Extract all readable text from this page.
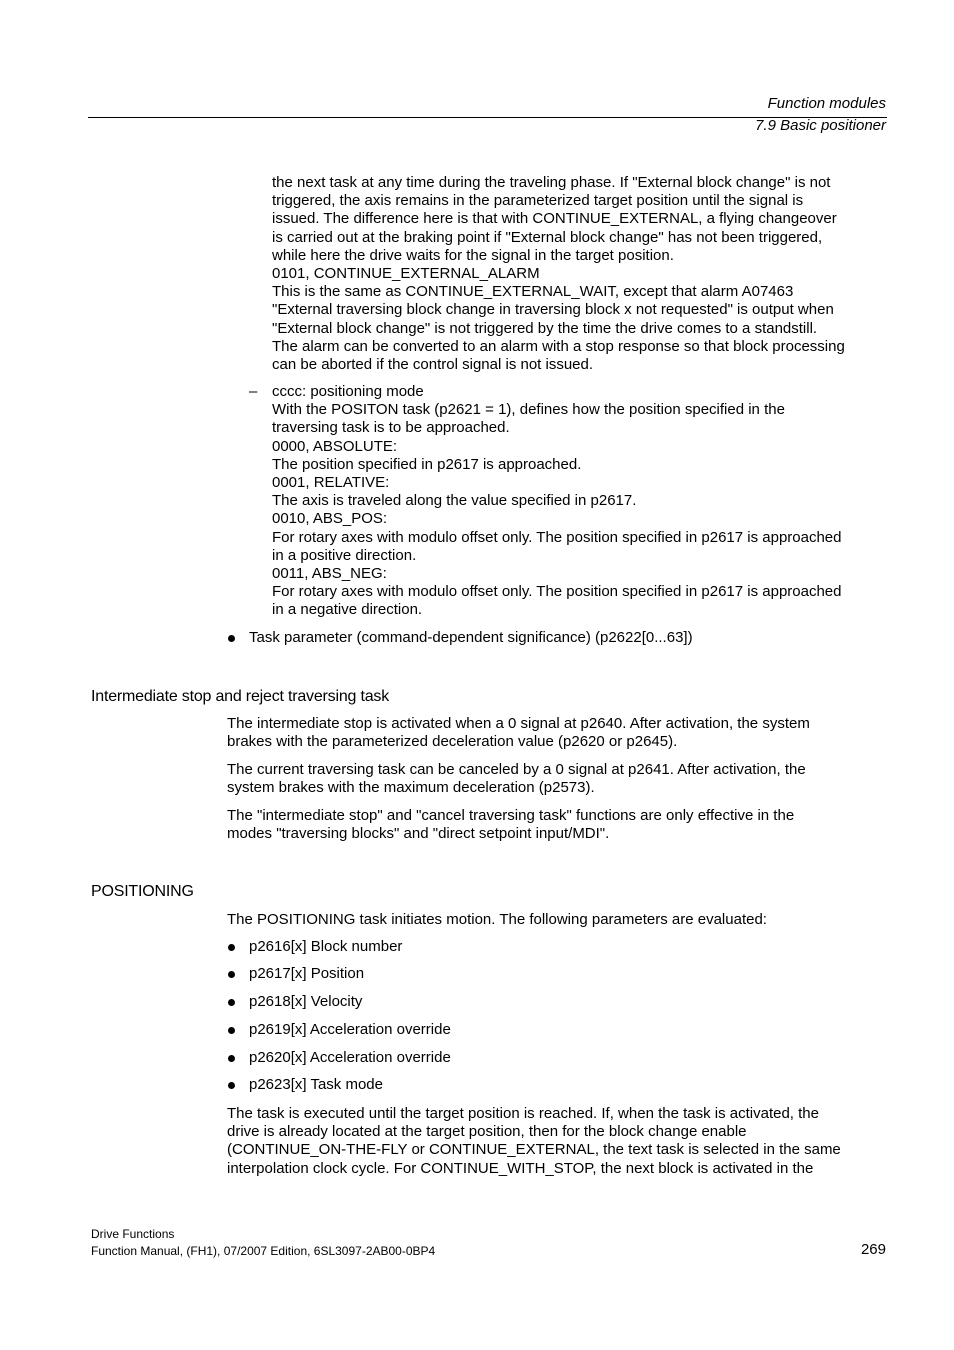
Function modules
7.9 Basic positioner
the next task at any time during the traveling phase. If "External block change" is not
triggered, the axis remains in the parameterized target position until the signal is
issued. The difference here is that with CONTINUE_EXTERNAL, a flying changeover
is carried out at the braking point if "External block change" has not been triggered,
while here the drive waits for the signal in the target position.
0101, CONTINUE_EXTERNAL_ALARM
This is the same as CONTINUE_EXTERNAL_WAIT, except that alarm A07463
"External traversing block change in traversing block x not requested" is output when
"External block change" is not triggered by the time the drive comes to a standstill.
The alarm can be converted to an alarm with a stop response so that block processing
can be aborted if the control signal is not issued.
– cccc: positioning mode
With the POSITON task (p2621 = 1), defines how the position specified in the
traversing task is to be approached.
0000, ABSOLUTE:
The position specified in p2617 is approached.
0001, RELATIVE:
The axis is traveled along the value specified in p2617.
0010, ABS_POS:
For rotary axes with modulo offset only. The position specified in p2617 is approached
in a positive direction.
0011, ABS_NEG:
For rotary axes with modulo offset only. The position specified in p2617 is approached
in a negative direction.
Task parameter (command-dependent significance) (p2622[0...63])
Intermediate stop and reject traversing task
The intermediate stop is activated when a 0 signal at p2640. After activation, the system
brakes with the parameterized deceleration value (p2620 or p2645).
The current traversing task can be canceled by a 0 signal at p2641. After activation, the
system brakes with the maximum deceleration (p2573).
The "intermediate stop" and "cancel traversing task" functions are only effective in the
modes "traversing blocks" and "direct setpoint input/MDI".
POSITIONING
The POSITIONING task initiates motion. The following parameters are evaluated:
p2616[x] Block number
p2617[x] Position
p2618[x] Velocity
p2619[x] Acceleration override
p2620[x] Acceleration override
p2623[x] Task mode
The task is executed until the target position is reached. If, when the task is activated, the
drive is already located at the target position, then for the block change enable
(CONTINUE_ON-THE-FLY or CONTINUE_EXTERNAL, the text task is selected in the same
interpolation clock cycle. For CONTINUE_WITH_STOP, the next block is activated in the
Drive Functions
Function Manual, (FH1), 07/2007 Edition, 6SL3097-2AB00-0BP4	269
